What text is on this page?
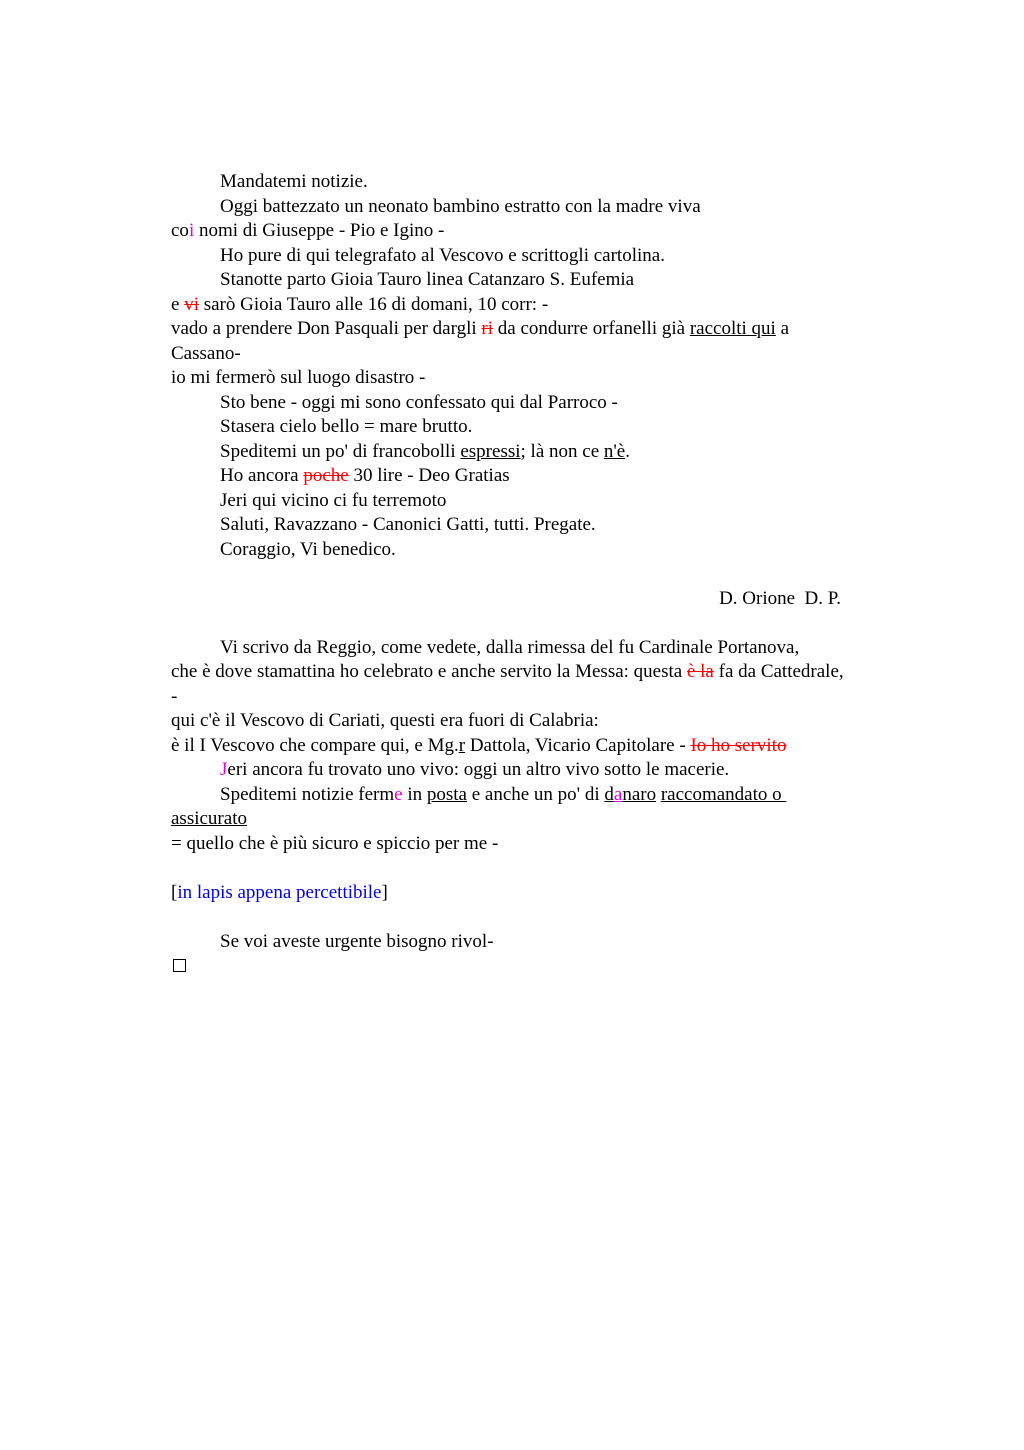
Mandatemi notizie.
Oggi battezzato un neonato bambino estratto con la madre viva
coi nomi di Giuseppe - Pio e Igino -
Ho pure di qui telegrafato al Vescovo e scrittogli cartolina.
Stanotte parto Gioia Tauro linea Catanzaro S. Eufemia
e vi sarò Gioia Tauro alle 16 di domani, 10 corr: -
vado a prendere Don Pasquali per dargli ri da condurre orfanelli già raccolti qui a
Cassano-
io mi fermerò sul luogo disastro -
Sto bene - oggi mi sono confessato qui dal Parroco -
Stasera cielo bello = mare brutto.
Speditemi un po' di francobolli espressi; là non ce n'è.
Ho ancora poche 30 lire - Deo Gratias
Jeri qui vicino ci fu terremoto
Saluti, Ravazzano - Canonici Gatti, tutti. Pregate.
Coraggio, Vi benedico.
D. Orione  D. P.
Vi scrivo da Reggio, come vedete, dalla rimessa del fu Cardinale Portanova,
che è dove stamattina ho celebrato e anche servito la Messa: questa è la fa da Cattedrale,
-
qui c'è il Vescovo di Cariati, questi era fuori di Calabria:
è il I Vescovo che compare qui, e Mg.r Dattola, Vicario Capitolare - Io ho servito
Jeri ancora fu trovato uno vivo: oggi un altro vivo sotto le macerie.
Speditemi notizie ferme in posta e anche un po' di danaro raccomandato o
assicurato
= quello che è più sicuro e spiccio per me -
[in lapis appena percettibile]
Se voi aveste urgente bisogno rivol-
